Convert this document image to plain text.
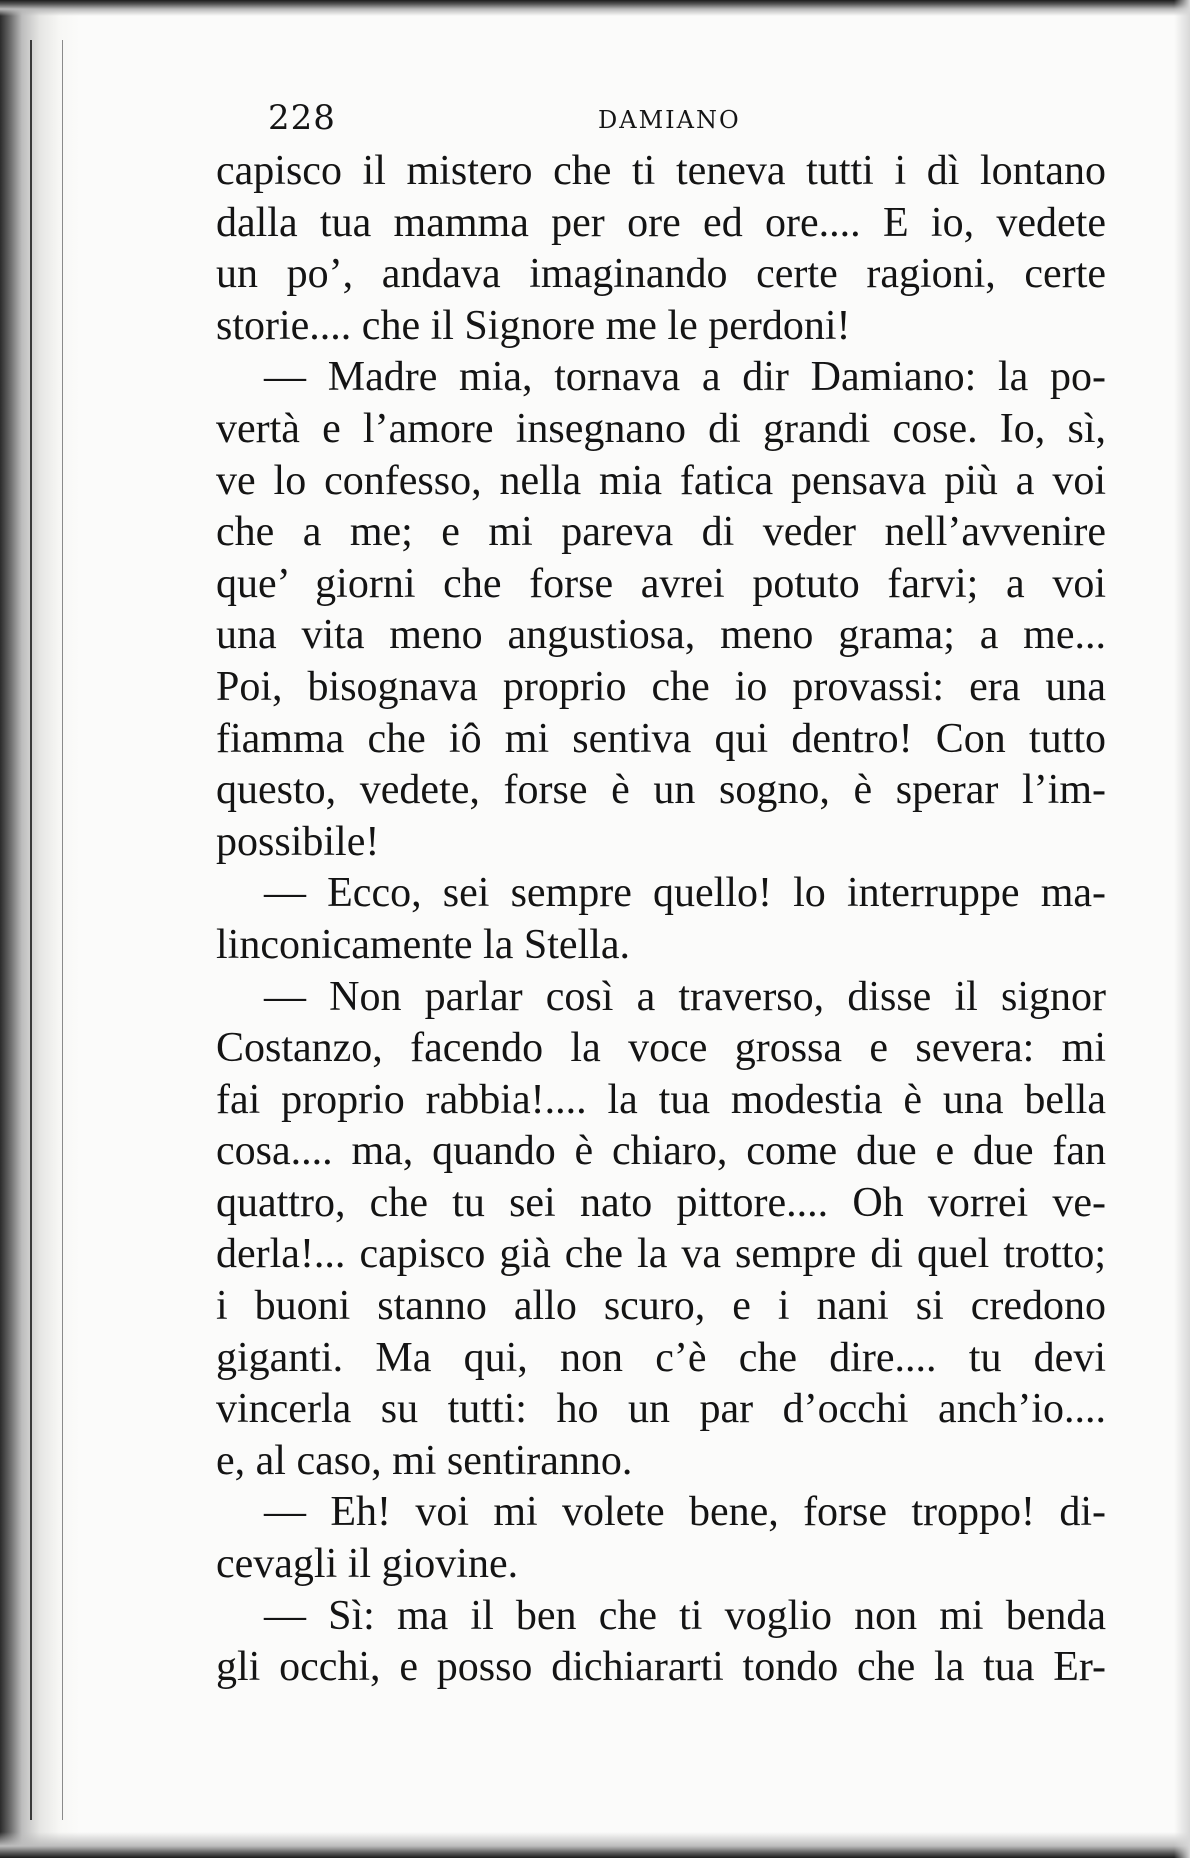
228	DAMIANO
capisco il mistero che ti teneva tutti i dì lontano
dalla tua mamma per ore ed ore.... E io, vedete
un po’, andava imaginando certe ragioni, certe
storie.... che il Signore me le perdoni!
— Madre mia, tornava a dir Damiano: la po-
vertà e l’amore insegnano di grandi cose. Io, sì,
ve lo confesso, nella mia fatica pensava più a voi
che a me; e mi pareva di veder nell’avvenire
que’ giorni che forse avrei potuto farvi; a voi
una vita meno angustiosa, meno grama; a me...
Poi, bisognava proprio che io provassi: era una
fiamma che iô mi sentiva qui dentro! Con tutto
questo, vedete, forse è un sogno, è sperar l’im-
possibile!
— Ecco, sei sempre quello! lo interruppe ma-
linconicamente la Stella.
— Non parlar così a traverso, disse il signor
Costanzo, facendo la voce grossa e severa: mi
fai proprio rabbia!.... la tua modestia è una bella
cosa.... ma, quando è chiaro, come due e due fan
quattro, che tu sei nato pittore.... Oh vorrei ve-
derla!... capisco già che la va sempre di quel trotto;
i buoni stanno allo scuro, e i nani si credono
giganti. Ma qui, non c’è che dire.... tu devi
vincerla su tutti: ho un par d’occhi anch’io....
e, al caso, mi sentiranno.
— Eh! voi mi volete bene, forse troppo! di-
cevagli il giovine.
— Sì: ma il ben che ti voglio non mi benda
gli occhi, e posso dichiararti tondo che la tua Er-
